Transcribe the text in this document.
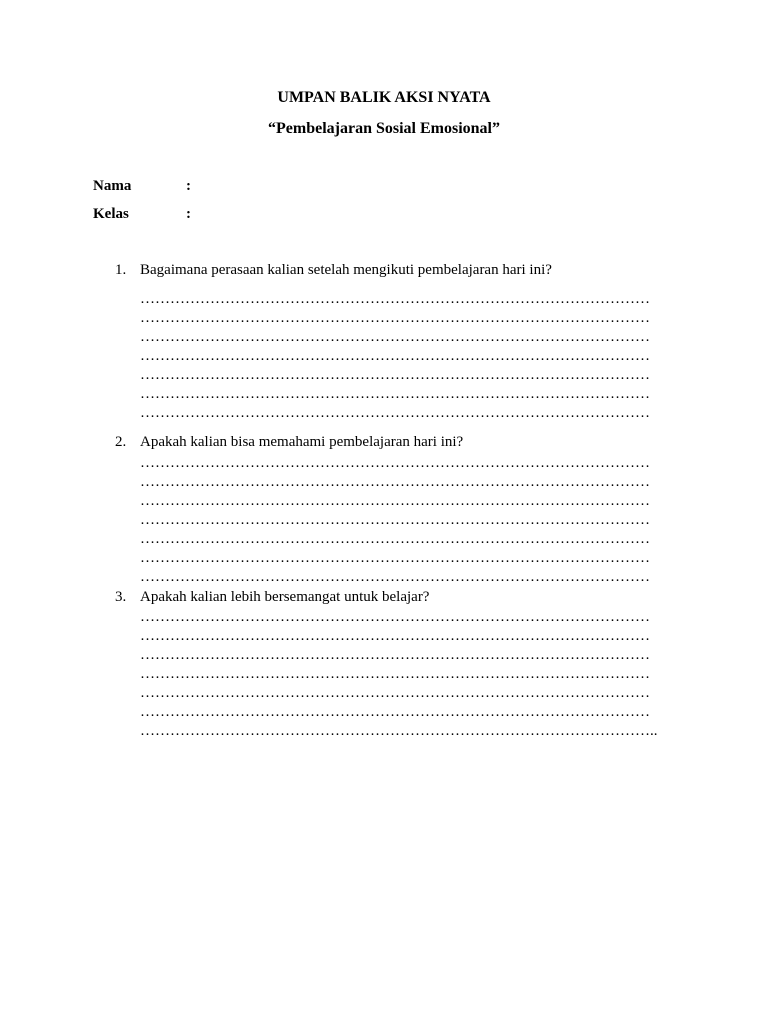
UMPAN BALIK AKSI NYATA
“Pembelajaran Sosial Emosional”
Nama	:
Kelas	:
1. Bagaimana perasaan kalian setelah mengikuti pembelajaran hari ini?
…………………………………………………………………………………………
…………………………………………………………………………………………
…………………………………………………………………………………………
…………………………………………………………………………………………
…………………………………………………………………………………………
…………………………………………………………………………………………
…………………………………………………………………………………………
2. Apakah kalian bisa memahami pembelajaran hari ini?
…………………………………………………………………………………………
…………………………………………………………………………………………
…………………………………………………………………………………………
…………………………………………………………………………………………
…………………………………………………………………………………………
…………………………………………………………………………………………
…………………………………………………………………………………………
3. Apakah kalian lebih bersemangat untuk belajar?
…………………………………………………………………………………………
…………………………………………………………………………………………
…………………………………………………………………………………………
…………………………………………………………………………………………
…………………………………………………………………………………………
…………………………………………………………………………………………
…………………………………………………………………………………………..
